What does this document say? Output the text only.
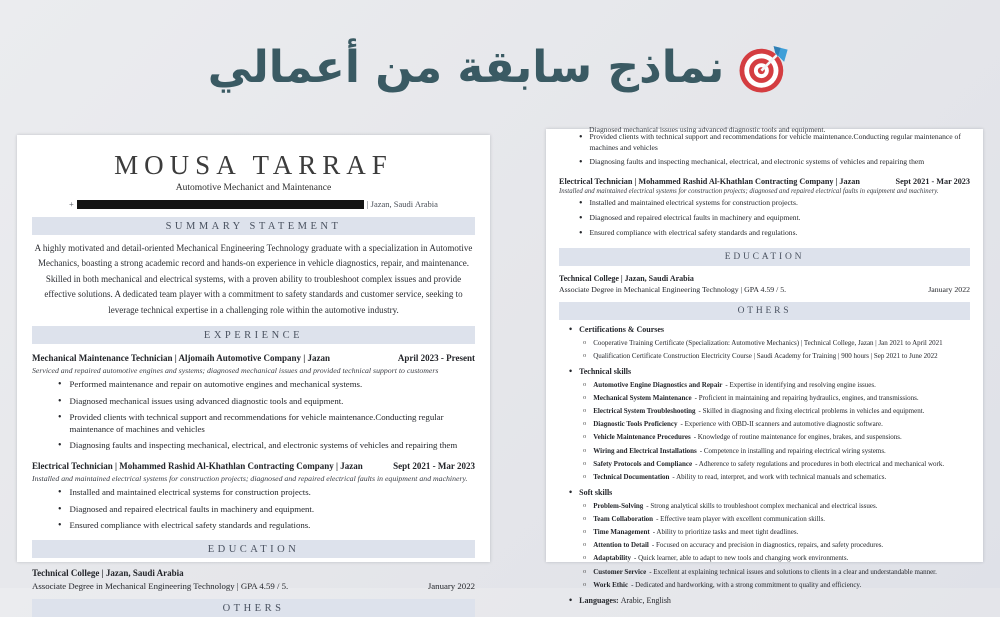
نماذج سابقة من أعمالي
MOUSA TARRAF
Automotive Mechanict and Maintenance
+	| Jazan, Saudi Arabia
SUMMARY STATEMENT
A highly motivated and detail-oriented Mechanical Engineering Technology graduate with a specialization in Automotive Mechanics, boasting a strong academic record and hands-on experience in vehicle diagnostics, repair, and maintenance. Skilled in both mechanical and electrical systems, with a proven ability to troubleshoot complex issues and provide effective solutions. A dedicated team player with a commitment to safety standards and customer service, seeking to leverage technical expertise in a challenging role within the automotive industry.
EXPERIENCE
Mechanical Maintenance Technician | Aljomaih Automotive Company | Jazan	April 2023 - Present
Serviced and repaired automotive engines and systems; diagnosed mechanical issues and provided technical support to customers
•
Performed maintenance and repair on automotive engines and mechanical systems.
•
Diagnosed mechanical issues using advanced diagnostic tools and equipment.
•
Provided clients with technical support and recommendations for vehicle maintenance.Conducting regular maintenance of machines and vehicles
•
Diagnosing faults and inspecting mechanical, electrical, and electronic systems of vehicles and repairing them
Electrical Technician | Mohammed Rashid Al-Khathlan Contracting Company | Jazan	Sept 2021 - Mar 2023
Installed and maintained electrical systems for construction projects; diagnosed and repaired electrical faults in equipment and machinery.
•
Installed and maintained electrical systems for construction projects.
•
Diagnosed and repaired electrical faults in machinery and equipment.
•
Ensured compliance with electrical safety standards and regulations.
EDUCATION
Technical College | Jazan, Saudi Arabia
Associate Degree in Mechanical Engineering Technology | GPA 4.59 / 5.	January 2022
OTHERS
Diagnosed mechanical issues using advanced diagnostic tools and equipment.
•
Provided clients with technical support and recommendations for vehicle maintenance.Conducting regular maintenance of machines and vehicles
•
Diagnosing faults and inspecting mechanical, electrical, and electronic systems of vehicles and repairing them
Electrical Technician | Mohammed Rashid Al-Khathlan Contracting Company | Jazan	Sept 2021 - Mar 2023
Installed and maintained electrical systems for construction projects; diagnosed and repaired electrical faults in equipment and machinery.
•
Installed and maintained electrical systems for construction projects.
•
Diagnosed and repaired electrical faults in machinery and equipment.
•
Ensured compliance with electrical safety standards and regulations.
EDUCATION
Technical College | Jazan, Saudi Arabia
Associate Degree in Mechanical Engineering Technology | GPA 4.59 / 5.	January 2022
OTHERS
•
Certifications & Courses
o
Cooperative Training Certificate (Specialization: Automotive Mechanics) | Technical College, Jazan | Jan 2021 to April 2021
o
Qualification Certificate Construction Electricity Course | Saudi Academy for Training | 900 hours | Sep 2021 to June 2022
•
Technical skills
o
Automotive Engine Diagnostics and Repair - Expertise in identifying and resolving engine issues.
o
Mechanical System Maintenance - Proficient in maintaining and repairing hydraulics, engines, and transmissions.
o
Electrical System Troubleshooting - Skilled in diagnosing and fixing electrical problems in vehicles and equipment.
o
Diagnostic Tools Proficiency - Experience with OBD-II scanners and automotive diagnostic software.
o
Vehicle Maintenance Procedures - Knowledge of routine maintenance for engines, brakes, and suspensions.
o
Wiring and Electrical Installations - Competence in installing and repairing electrical wiring systems.
o
Safety Protocols and Compliance - Adherence to safety regulations and procedures in both electrical and mechanical work.
o
Technical Documentation - Ability to read, interpret, and work with technical manuals and schematics.
•
Soft skills
o
Problem-Solving - Strong analytical skills to troubleshoot complex mechanical and electrical issues.
o
Team Collaboration - Effective team player with excellent communication skills.
o
Time Management - Ability to prioritize tasks and meet tight deadlines.
o
Attention to Detail - Focused on accuracy and precision in diagnostics, repairs, and safety procedures.
o
Adaptability - Quick learner, able to adapt to new tools and changing work environments.
o
Customer Service - Excellent at explaining technical issues and solutions to clients in a clear and understandable manner.
o
Work Ethic - Dedicated and hardworking, with a strong commitment to quality and efficiency.
•
Languages: Arabic, English
